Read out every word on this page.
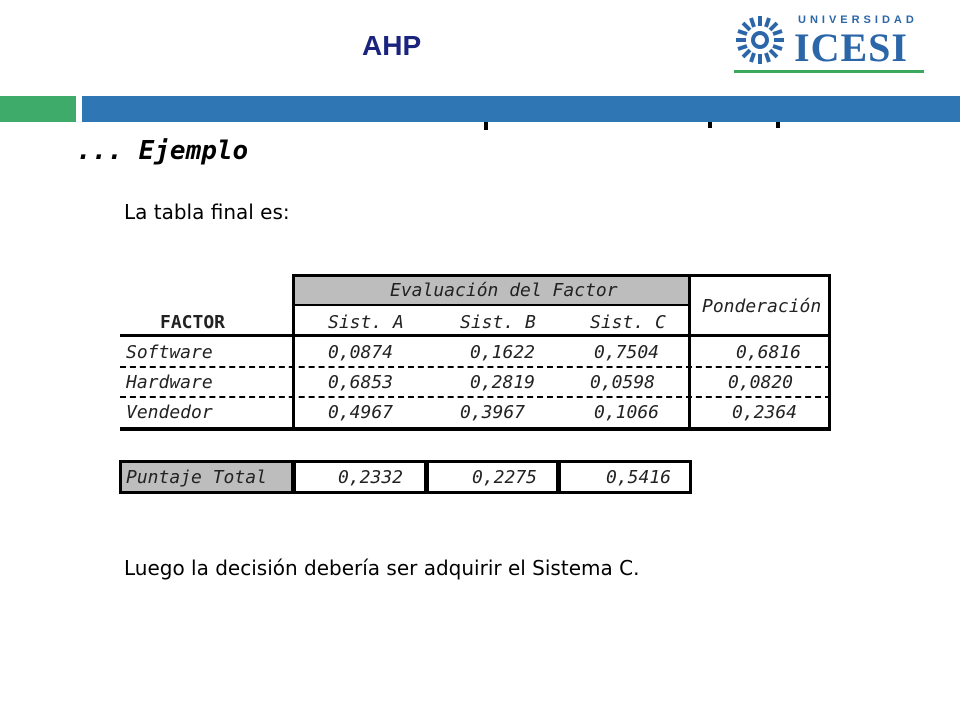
AHP
UNIVERSIDAD
ICESI
... Ejemplo
La tabla final es:
Evaluación del Factor
Ponderación
FACTOR	Sist. A	Sist. B	Sist. C
Software	0,0874	0,1622	0,7504	0,6816
Hardware	0,6853	0,2819	0,0598	0,0820
Vendedor	0,4967	0,3967	0,1066	0,2364
Puntaje Total	0,2332	0,2275	0,5416
Luego la decisión debería ser adquirir el Sistema C.
